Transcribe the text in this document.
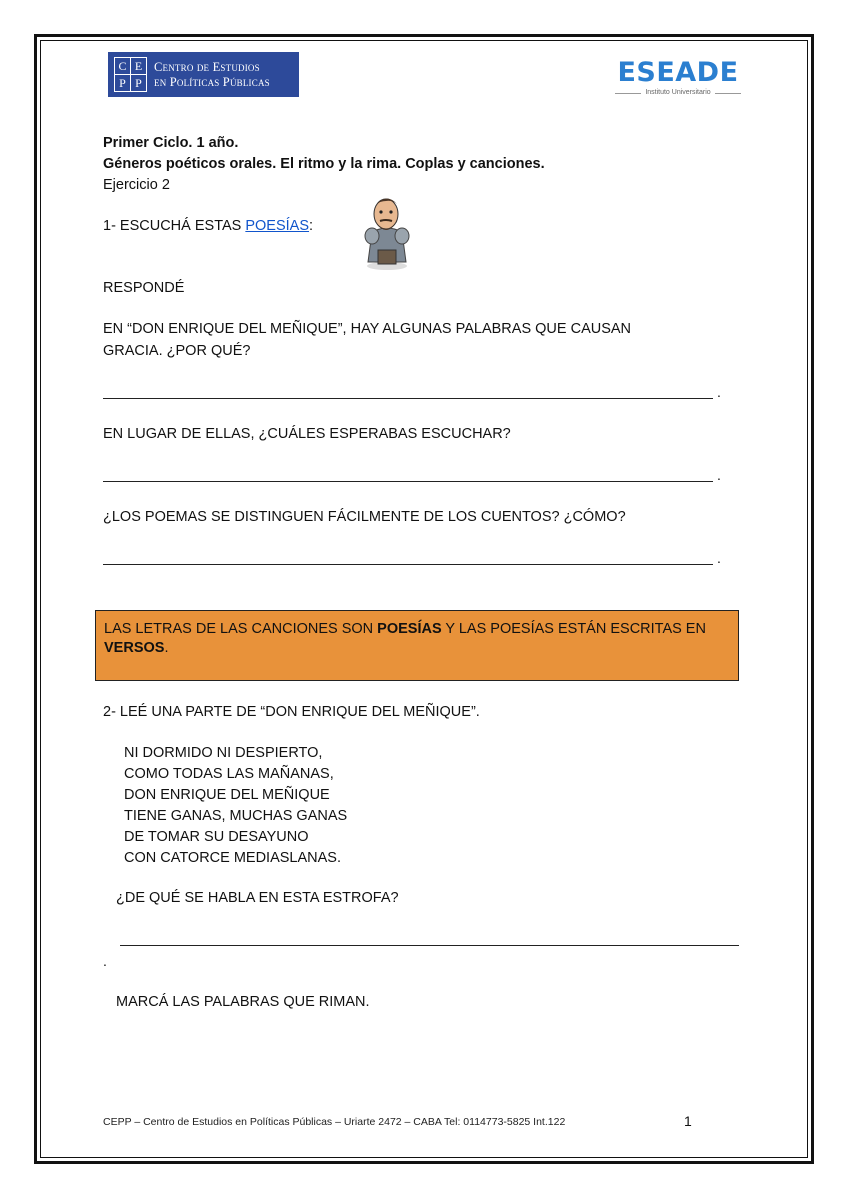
C E
P P
Centro de Estudios
en Políticas Públicas	ESEADE
Instituto Universitario
Primer Ciclo. 1 año.
Géneros poéticos orales. El ritmo y la rima. Coplas y canciones.
Ejercicio 2
1- ESCUCHÁ ESTAS POESÍAS:
RESPONDÉ
EN “DON ENRIQUE DEL MEÑIQUE”, HAY ALGUNAS PALABRAS QUE CAUSAN
GRACIA. ¿POR QUÉ?
.
EN LUGAR DE ELLAS, ¿CUÁLES ESPERABAS ESCUCHAR?
.
¿LOS POEMAS SE DISTINGUEN FÁCILMENTE DE LOS CUENTOS? ¿CÓMO?
.
LAS LETRAS DE LAS CANCIONES SON POESÍAS Y LAS POESÍAS ESTÁN ESCRITAS EN VERSOS.
2- LEÉ UNA PARTE DE “DON ENRIQUE DEL MEÑIQUE”.
NI DORMIDO NI DESPIERTO,
COMO TODAS LAS MAÑANAS,
DON ENRIQUE DEL MEÑIQUE
TIENE GANAS, MUCHAS GANAS
DE TOMAR SU DESAYUNO
CON CATORCE MEDIASLANAS.
¿DE QUÉ SE HABLA EN ESTA ESTROFA?
.
MARCÁ LAS PALABRAS QUE RIMAN.
CEPP – Centro de Estudios en Políticas Públicas – Uriarte 2472 – CABA Tel: 0114773-5825 Int.122	1
